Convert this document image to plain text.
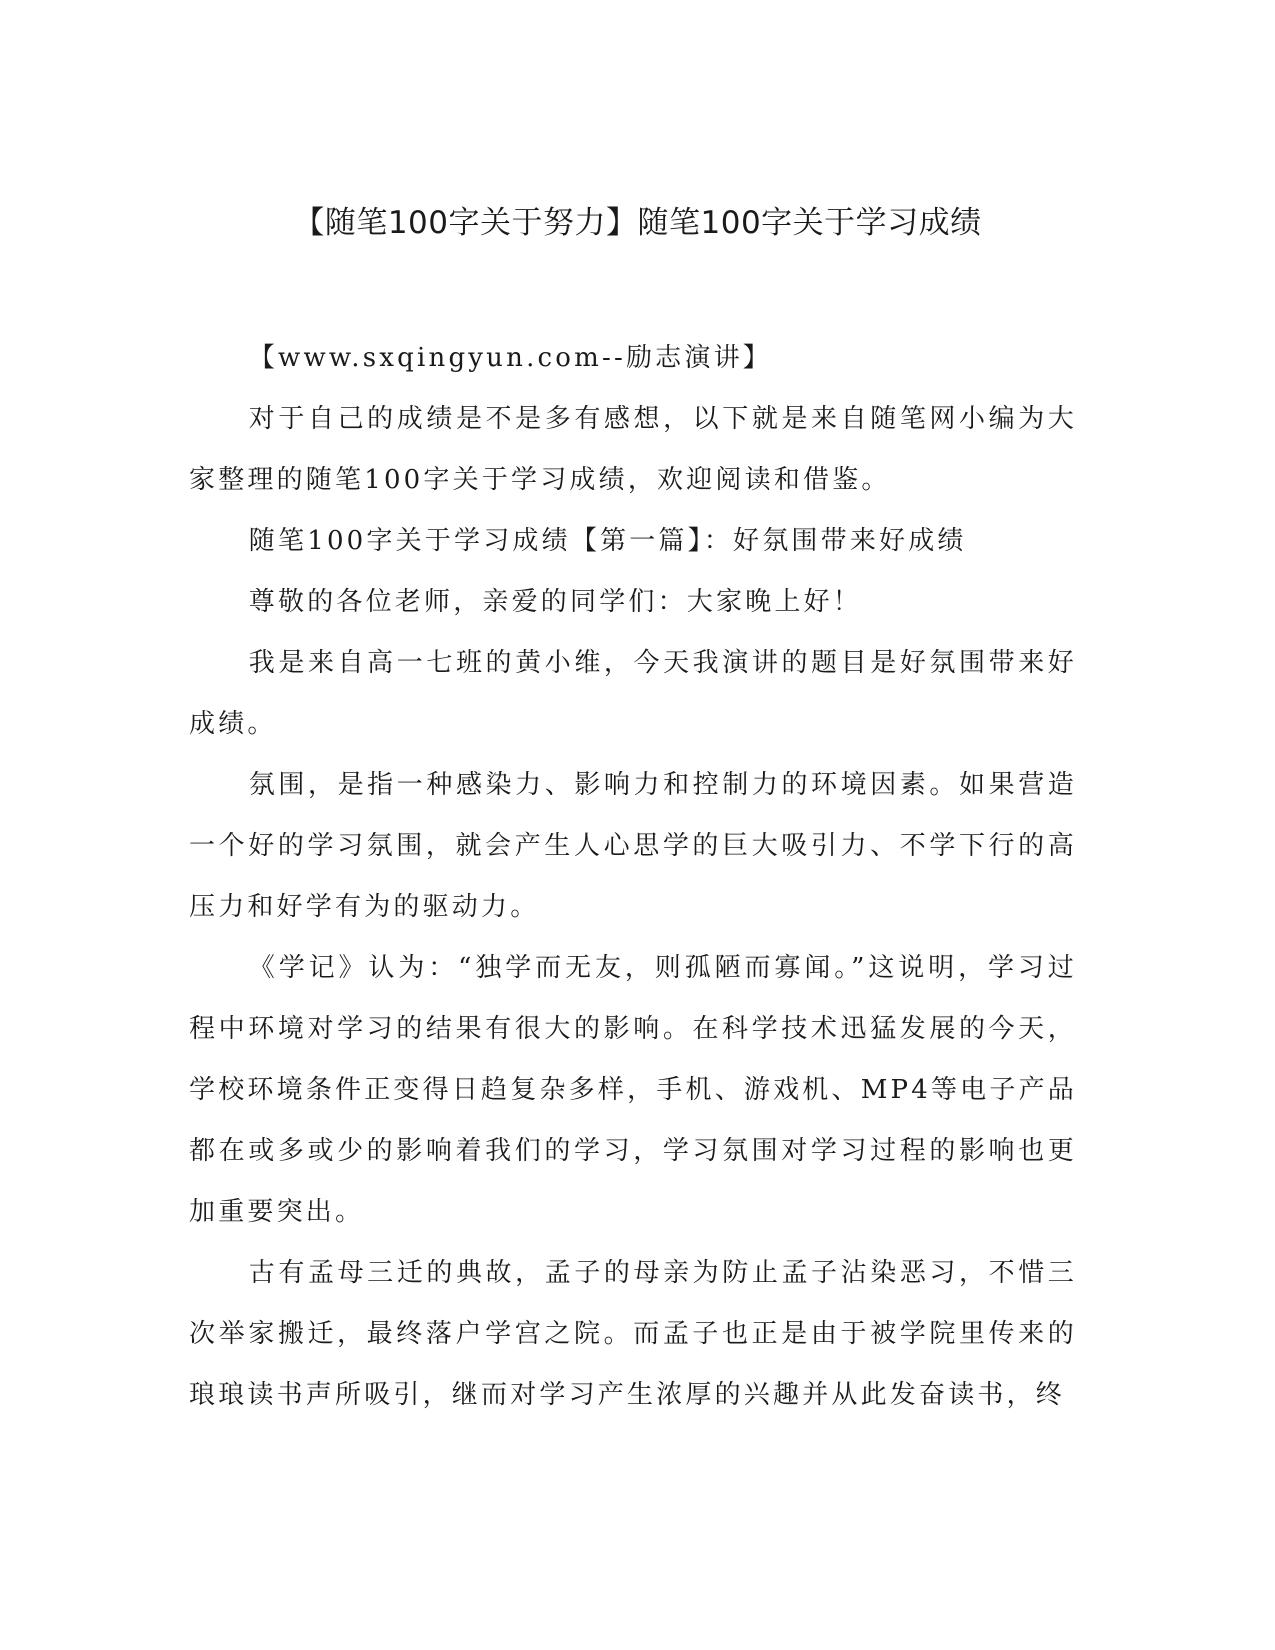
【随笔100字关于努力】随笔100字关于学习成绩

【www.sxqingyun.com--励志演讲】

对于自己的成绩是不是多有感想，以下就是来自随笔网小编为大家整理的随笔100字关于学习成绩，欢迎阅读和借鉴。

随笔100字关于学习成绩【第一篇】：好氛围带来好成绩

尊敬的各位老师，亲爱的同学们：大家晚上好！

我是来自高一七班的黄小维，今天我演讲的题目是好氛围带来好成绩。

氛围，是指一种感染力、影响力和控制力的环境因素。如果营造一个好的学习氛围，就会产生人心思学的巨大吸引力、不学下行的高压力和好学有为的驱动力。

《学记》认为：“独学而无友，则孤陋而寡闻。”这说明，学习过程中环境对学习的结果有很大的影响。在科学技术迅猛发展的今天，学校环境条件正变得日趋复杂多样，手机、游戏机、MP4等电子产品都在或多或少的影响着我们的学习，学习氛围对学习过程的影响也更加重要突出。

古有孟母三迁的典故，孟子的母亲为防止孟子沾染恶习，不惜三次举家搬迁，最终落户学宫之院。而孟子也正是由于被学院里传来的琅琅读书声所吸引，继而对学习产生浓厚的兴趣并从此发奋读书，终
